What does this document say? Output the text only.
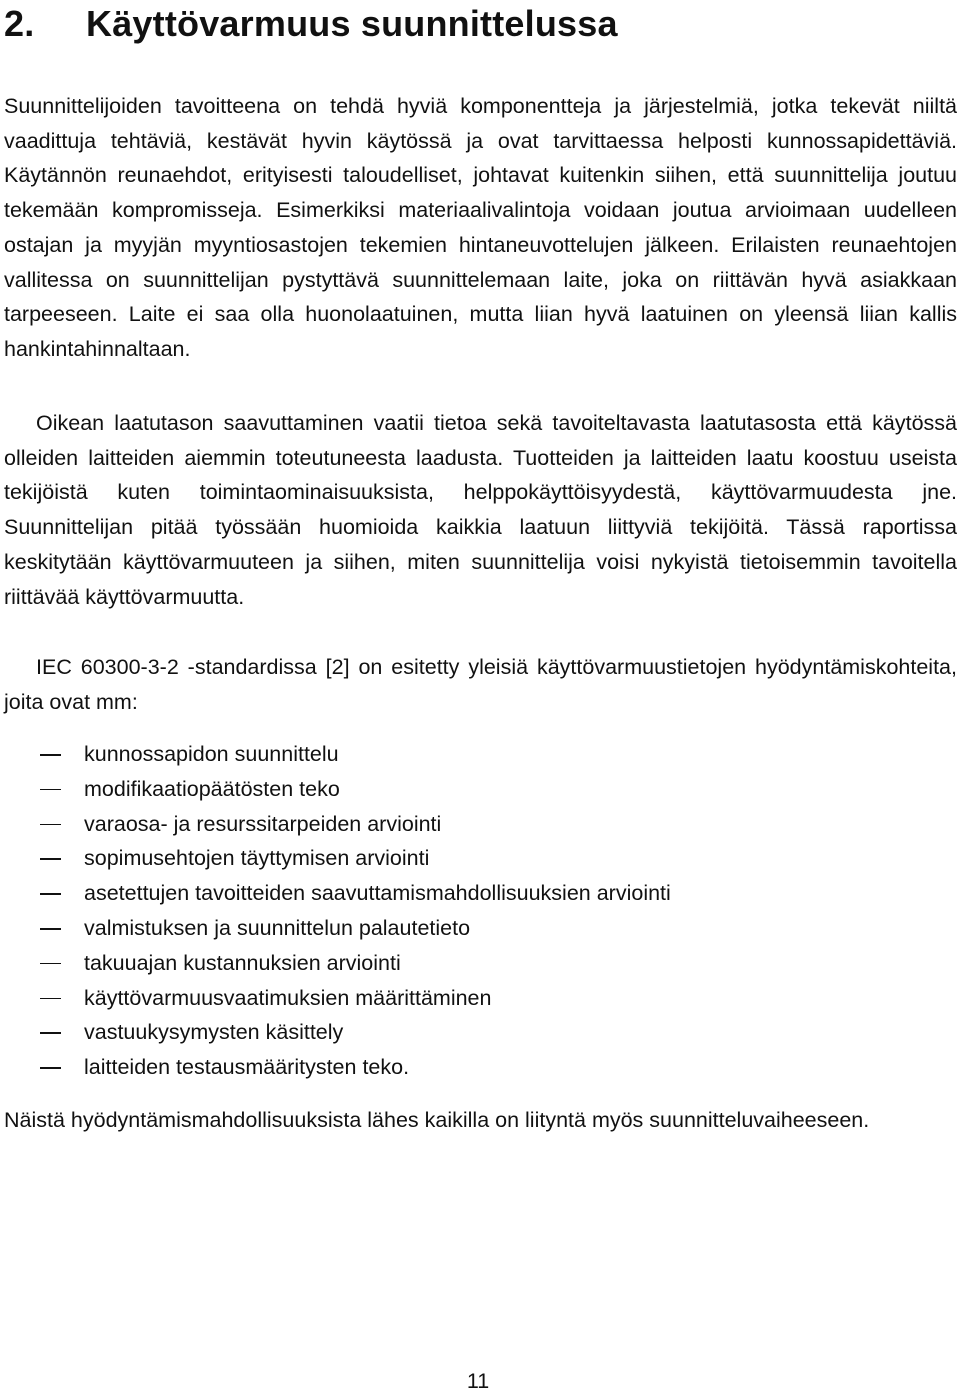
2. Käyttövarmuus suunnittelussa

Suunnittelijoiden tavoitteena on tehdä hyviä komponentteja ja järjestelmiä, jotka tekevät niiltä vaadittuja tehtäviä, kestävät hyvin käytössä ja ovat tarvittaessa helposti kunnossapidettäviä. Käytännön reunaehdot, erityisesti taloudelliset, johtavat kuitenkin siihen, että suunnittelija joutuu tekemään kompromisseja. Esimerkiksi materiaalivalintoja voidaan joutua arvioimaan uudelleen ostajan ja myyjän myyntiosastojen tekemien hintaneuvottelujen jälkeen. Erilaisten reunaehtojen vallitessa on suunnittelijan pystyttävä suunnittelemaan laite, joka on riittävän hyvä asiakkaan tarpeeseen. Laite ei saa olla huonolaatuinen, mutta liian hyvä laatuinen on yleensä liian kallis hankintahinnaltaan.

Oikean laatutason saavuttaminen vaatii tietoa sekä tavoiteltavasta laatutasosta että käytössä olleiden laitteiden aiemmin toteutuneesta laadusta. Tuotteiden ja laitteiden laatu koostuu useista tekijöistä kuten toimintaominaisuuksista, helppokäyttöisyydestä, käyttövarmuudesta jne. Suunnittelijan pitää työssään huomioida kaikkia laatuun liittyviä tekijöitä. Tässä raportissa keskitytään käyttövarmuuteen ja siihen, miten suunnittelija voisi nykyistä tietoisemmin tavoitella riittävää käyttövarmuutta.

IEC 60300-3-2 -standardissa [2] on esitetty yleisiä käyttövarmuustietojen hyödyntämiskohteita, joita ovat mm:

kunnossapidon suunnittelu
modifikaatiopäätösten teko
varaosa- ja resurssitarpeiden arviointi
sopimusehtojen täyttymisen arviointi
asetettujen tavoitteiden saavuttamismahdollisuuksien arviointi
valmistuksen ja suunnittelun palautetieto
takuuajan kustannuksien arviointi
käyttövarmuusvaatimuksien määrittäminen
vastuukysymysten käsittely
laitteiden testausmääritysten teko.

Näistä hyödyntämismahdollisuuksista lähes kaikilla on liityntä myös suunnitteluvaiheeseen.

11
